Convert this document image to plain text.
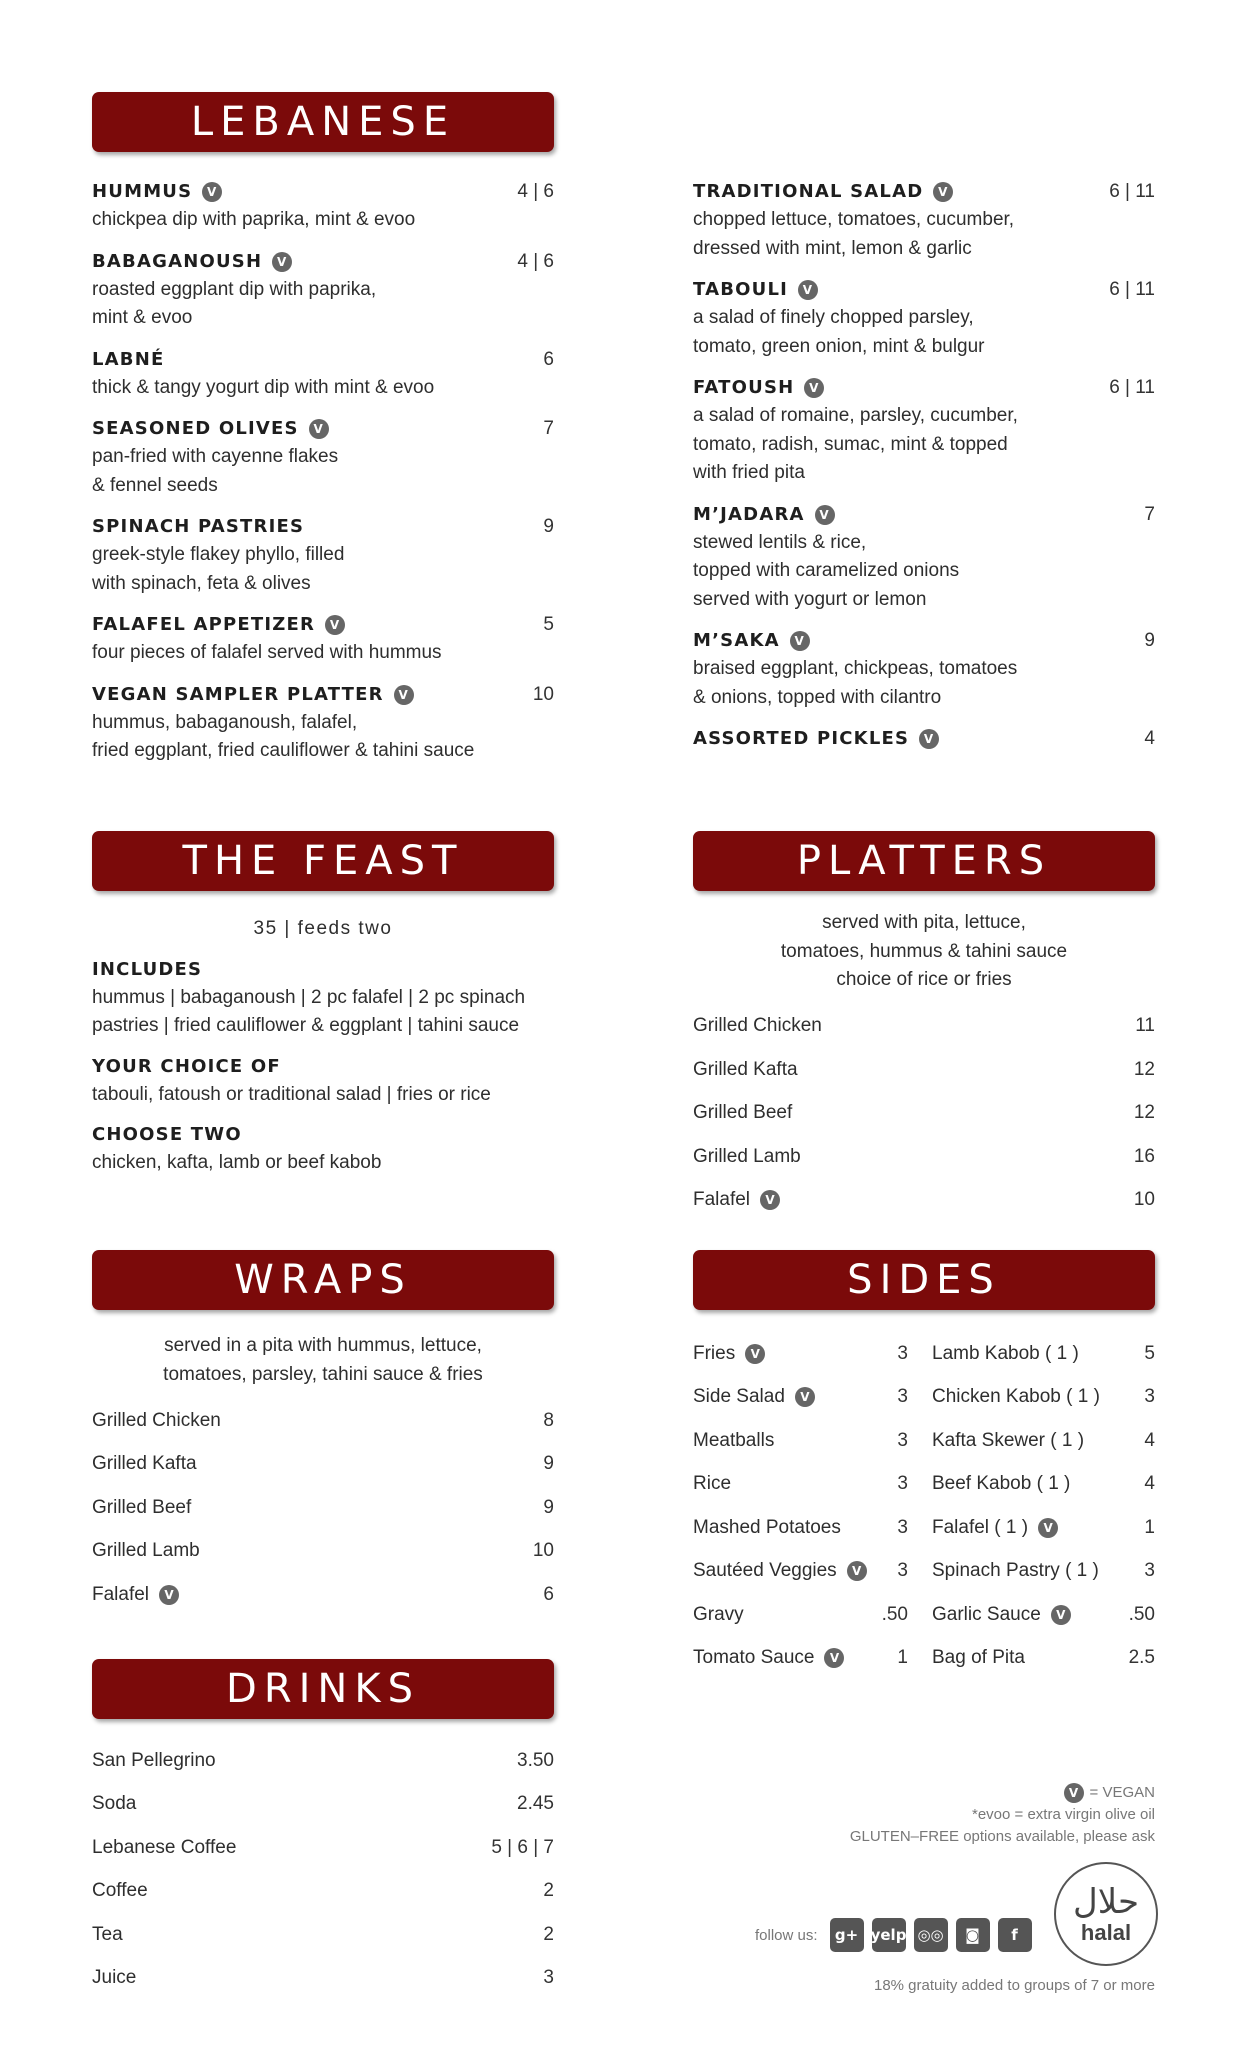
LEBANESE
HUMMUS	V	4 | 6
chickpea dip with paprika, mint & evoo
BABAGANOUSH	V	4 | 6
roasted eggplant dip with paprika,
mint & evoo
LABNÉ	6
thick & tangy yogurt dip with mint & evoo
SEASONED OLIVES	V	7
pan-fried with cayenne flakes
& fennel seeds
SPINACH PASTRIES	9
greek-style flakey phyllo, filled
with spinach, feta & olives
FALAFEL APPETIZER	V	5
four pieces of falafel served with hummus
VEGAN SAMPLER PLATTER	V	10
hummus, babaganoush, falafel,
fried eggplant, fried cauliflower & tahini sauce
TRADITIONAL SALAD	V	6 | 11
chopped lettuce, tomatoes, cucumber,
dressed with mint, lemon & garlic
TABOULI	V	6 | 11
a salad of finely chopped parsley,
tomato, green onion, mint & bulgur
FATOUSH	V	6 | 11
a salad of romaine, parsley, cucumber,
tomato, radish, sumac, mint & topped
with fried pita
M’JADARA	V	7
stewed lentils & rice,
topped with caramelized onions
served with yogurt or lemon
M’SAKA	V	9
braised eggplant, chickpeas, tomatoes
& onions, topped with cilantro
ASSORTED PICKLES	V	4
THE FEAST
35 | feeds two
INCLUDES
hummus | babaganoush | 2 pc falafel | 2 pc spinach
pastries | fried cauliflower & eggplant | tahini sauce
YOUR CHOICE OF
tabouli, fatoush or traditional salad | fries or rice
CHOOSE TWO
chicken, kafta, lamb or beef kabob
PLATTERS
served with pita, lettuce,
tomatoes, hummus & tahini sauce
choice of rice or fries
Grilled Chicken	11
Grilled Kafta	12
Grilled Beef	12
Grilled Lamb	16
Falafel	V	10
WRAPS
served in a pita with hummus, lettuce,
tomatoes, parsley, tahini sauce & fries
Grilled Chicken	8
Grilled Kafta	9
Grilled Beef	9
Grilled Lamb	10
Falafel	V	6
SIDES
Fries	V	3
Side Salad	V	3
Meatballs	3
Rice	3
Mashed Potatoes	3
Sautéed Veggies	V 3
Gravy	.50
Tomato Sauce	V	1
Lamb Kabob ( 1 )	5
Chicken Kabob ( 1 ) 3
Kafta Skewer ( 1 )	4
Beef Kabob ( 1 )	4
Falafel ( 1 )	V	1
Spinach Pastry ( 1 ) 3
Garlic Sauce	V	.50
Bag of Pita	2.5
DRINKS
San Pellegrino	3.50
Soda	2.45
Lebanese Coffee	5 | 6 | 7
Coffee	2
Tea	2
Juice	3
V = VEGAN
*evoo = extra virgin olive oil
GLUTEN–FREE options available, please ask
follow us:	g+ yelp ◎◎	◙	f
حلال
halal
18% gratuity added to groups of 7 or more
